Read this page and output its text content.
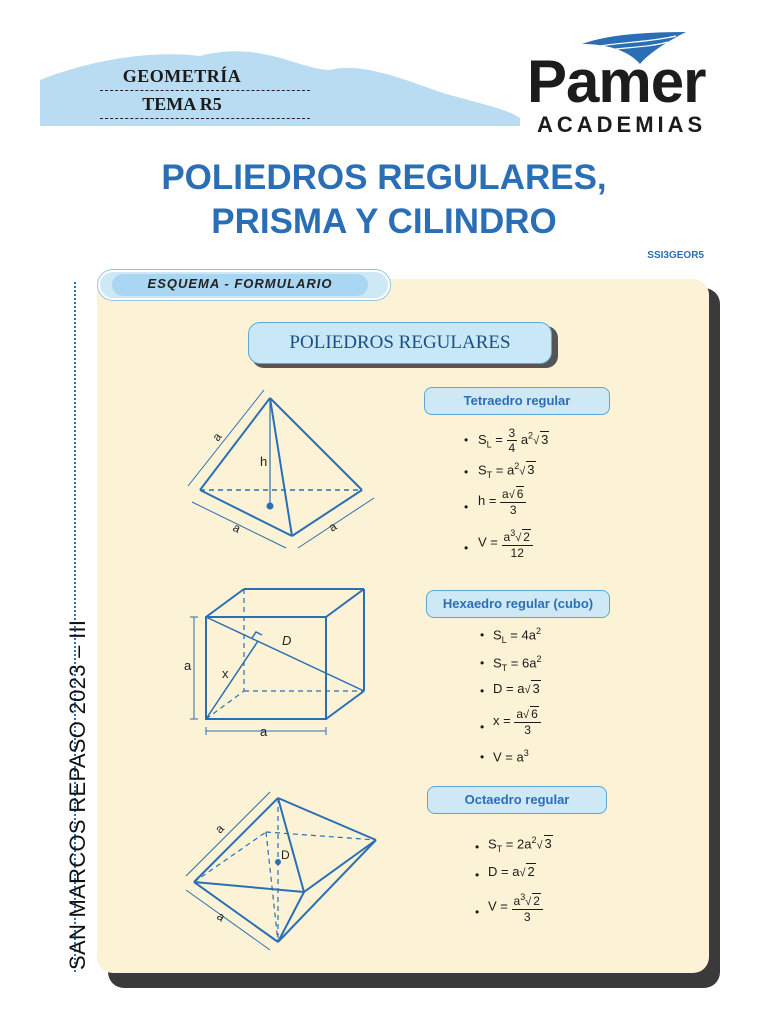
GEOMETRÍA
TEMA R5	Pamer
ACADEMIAS
POLIEDROS REGULARES,
PRISMA Y CILINDRO
SSI3GEOR5
SAN MARCOS REPASO 2023 – III
ESQUEMA - FORMULARIO
POLIEDROS REGULARES
a
h
a	a
Tetraedro regular
• $S_L = \frac{3}{4} a^2√$ 3
• $S_T = a^2√$ 3
• $h = \frac{a√ 6}{3}$
• $V = \frac{a^3√ 2}{12}$
a
a
D
x
Hexaedro regular (cubo)
• $S_L = 4a^2$
• $S_T = 6a^2$
• D = a√ 3
• $x = \frac{a√ 6}{3}$
• $V = a^3$
a
a
D
Octaedro regular
• $S_T = 2a^2√$ 3
• D = a√ 2
• $V = \frac{a^3√ 2}{3}$
